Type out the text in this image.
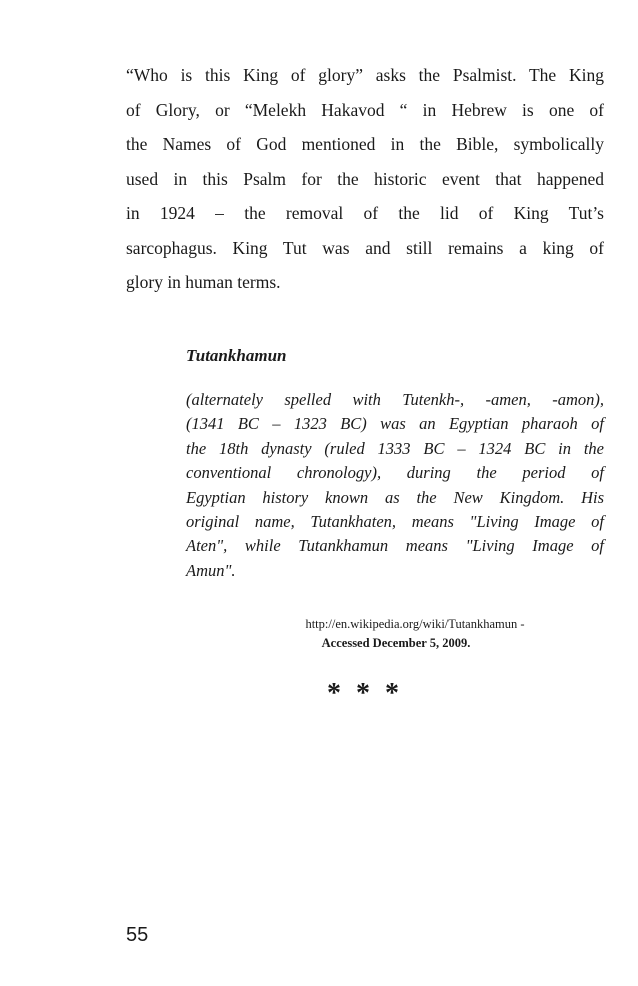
“Who is this King of glory” asks the Psalmist. The King
of Glory, or “Melekh Hakavod “ in Hebrew is one of
the Names of God mentioned in the Bible, symbolically
used in this Psalm for the historic event that happened
in 1924 – the removal of the lid of King Tut’s
sarcophagus. King Tut was and still remains a king of
glory in human terms.

Tutankhamun

(alternately spelled with Tutenkh-, -amen, -amon),
(1341 BC – 1323 BC) was an Egyptian pharaoh of
the 18th dynasty (ruled 1333 BC – 1324 BC in the
conventional chronology), during the period of
Egyptian history known as the New Kingdom. His
original name, Tutankhaten, means "Living Image of
Aten", while Tutankhamun means "Living Image of
Amun".

http://en.wikipedia.org/wiki/Tutankhamun -
Accessed December 5, 2009.
* * *
55
